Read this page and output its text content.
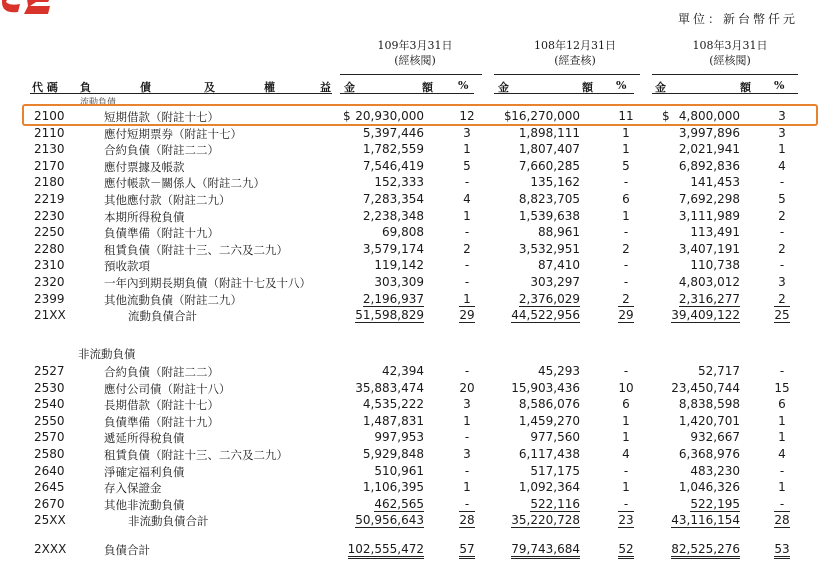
單位：新台幣仟元
109年3月31日
(經核閱)
108年12月31日
(經查核)
108年3月31日
(經核閱)
代 碼 負	債	及	權	益 金	額 %	金	額 %	金	額 %
流動負債
2100	短期借款（附註十七）	20,930,000	12	16,270,000	11	4,800,000	3
$	$	$
2110	應付短期票券（附註十七）	5,397,446	3	1,898,111	1	3,997,896	3
2130	合約負債（附註二二）	1,782,559	1	1,807,407	1	2,021,941	1
2170	應付票據及帳款	7,546,419	5	7,660,285	5	6,892,836	4
2180	應付帳款－關係人（附註二九）	152,333	-	135,162	-	141,453	-
2219	其他應付款（附註二九）	7,283,354	4	8,823,705	6	7,692,298	5
2230	本期所得稅負債	2,238,348	1	1,539,638	1	3,111,989	2
2250	負債準備（附註十九）	69,808	-	88,961	-	113,491	-
2280	租賃負債（附註十三、二六及二九）	3,579,174	2	3,532,951	2	3,407,191	2
2310	預收款項	119,142	-	87,410	-	110,738	-
2320	一年內到期長期負債（附註十七及十八）	303,309	-	303,297	-	4,803,012	3
2399	其他流動負債（附註二九）	2,196,937	1	2,376,029	2	2,316,277	2
21XX	流動負債合計	51,598,829	29	44,522,956	29	39,409,122	25
非流動負債
2527	合約負債（附註二二）	42,394	-	45,293	-	52,717	-
2530	應付公司債（附註十八）	35,883,474	20	15,903,436	10	23,450,744	15
2540	長期借款（附註十七）	4,535,222	3	8,586,076	6	8,838,598	6
2550	負債準備（附註十九）	1,487,831	1	1,459,270	1	1,420,701	1
2570	遞延所得稅負債	997,953	-	977,560	1	932,667	1
2580	租賃負債（附註十三、二六及二九）	5,929,848	3	6,117,438	4	6,368,976	4
2640	淨確定福利負債	510,961	-	517,175	-	483,230	-
2645	存入保證金	1,106,395	1	1,092,364	1	1,046,326	1
2670	其他非流動負債	462,565	-	522,116	-	522,195	-
25XX	非流動負債合計	50,956,643	28	35,220,728	23	43,116,154	28
2XXX	負債合計	102,555,472	57	79,743,684	52	82,525,276	53
